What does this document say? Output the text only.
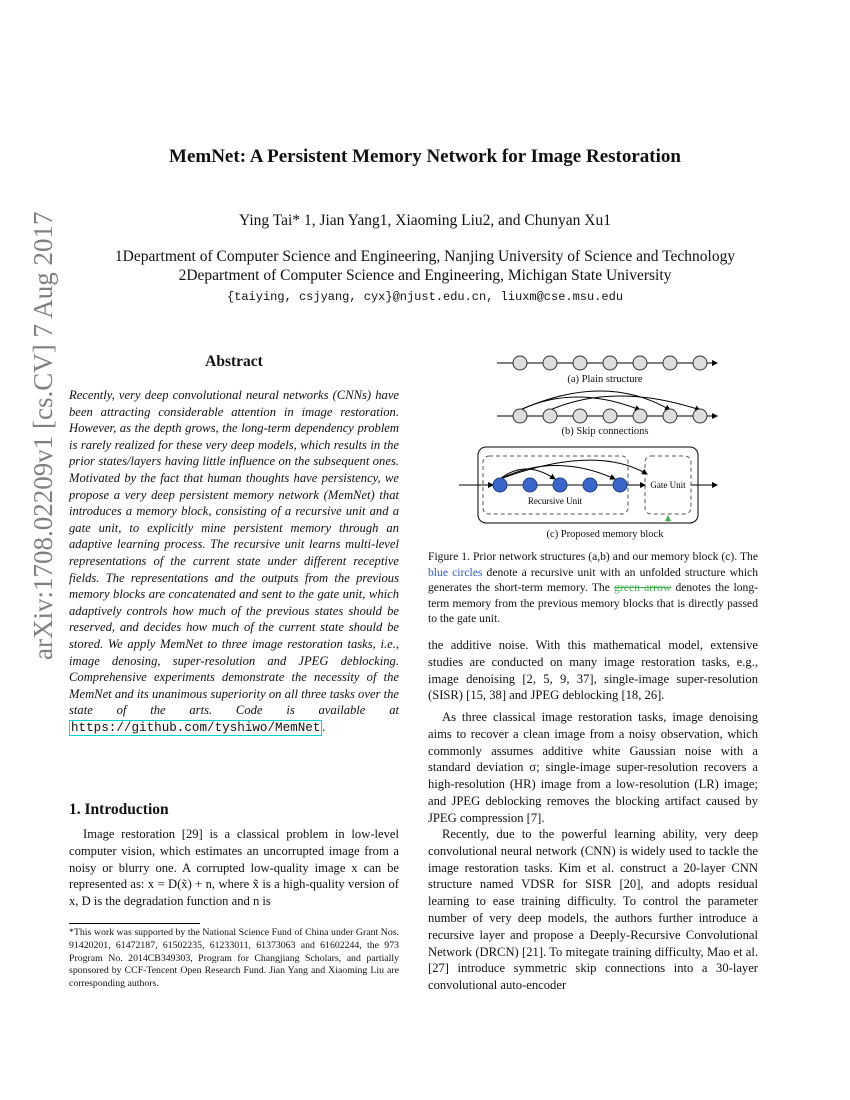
MemNet: A Persistent Memory Network for Image Restoration
Ying Tai* 1, Jian Yang1, Xiaoming Liu2, and Chunyan Xu1
1Department of Computer Science and Engineering, Nanjing University of Science and Technology
2Department of Computer Science and Engineering, Michigan State University
{taiying, csjyang, cyx}@njust.edu.cn, liuxm@cse.msu.edu
arXiv:1708.02209v1 [cs.CV] 7 Aug 2017	Abstract
Recently, very deep convolutional neural networks (CNNs) have been attracting considerable attention in image restoration. However, as the depth grows, the long-term dependency problem is rarely realized for these very deep models, which results in the prior states/layers having little influence on the subsequent ones. Motivated by the fact that human thoughts have persistency, we propose a very deep persistent memory network (MemNet) that introduces a memory block, consisting of a recursive unit and a gate unit, to explicitly mine persistent memory through an adaptive learning process. The recursive unit learns multi-level representations of the current state under different receptive fields. The representations and the outputs from the previous memory blocks are concatenated and sent to the gate unit, which adaptively controls how much of the previous states should be reserved, and decides how much of the current state should be stored. We apply MemNet to three image restoration tasks, i.e., image denosing, super-resolution and JPEG deblocking. Comprehensive experiments demonstrate the necessity of the MemNet and its unanimous superiority on all three tasks over the state of the arts. Code is available at https://github.com/tyshiwo/MemNet .
1. Introduction
Image restoration [29] is a classical problem in low-level computer vision, which estimates an uncorrupted image from a noisy or blurry one. A corrupted low-quality image x can be represented as: x = D(x̃) + n, where x̃ is a high-quality version of x, D is the degradation function and n is
*This work was supported by the National Science Fund of China under Grant Nos. 91420201, 61472187, 61502235, 61233011, 61373063 and 61602244, the 973 Program No. 2014CB349303, Program for Changjiang Scholars, and partially sponsored by CCF-Tencent Open Research Fund. Jian Yang and Xiaoming Liu are corresponding authors.
Recursive Unit
Gate Unit
(a) Plain structure
(b) Skip connections
(c) Proposed memory block
Figure 1. Prior network structures (a,b) and our memory block (c). The blue circles denote a recursive unit with an unfolded structure which generates the short-term memory. The green arrow denotes the long-term memory from the previous memory blocks that is directly passed to the gate unit.
the additive noise. With this mathematical model, extensive studies are conducted on many image restoration tasks, e.g., image denoising [2, 5, 9, 37], single-image super-resolution (SISR) [15, 38] and JPEG deblocking [18, 26].
As three classical image restoration tasks, image denoising aims to recover a clean image from a noisy observation, which commonly assumes additive white Gaussian noise with a standard deviation σ; single-image super-resolution recovers a high-resolution (HR) image from a low-resolution (LR) image; and JPEG deblocking removes the blocking artifact caused by JPEG compression [7].
Recently, due to the powerful learning ability, very deep convolutional neural network (CNN) is widely used to tackle the image restoration tasks. Kim et al. construct a 20-layer CNN structure named VDSR for SISR [20], and adopts residual learning to ease training difficulty. To control the parameter number of very deep models, the authors further introduce a recursive layer and propose a Deeply-Recursive Convolutional Network (DRCN) [21]. To mitegate training difficulty, Mao et al. [27] introduce symmetric skip connections into a 30-layer convolutional auto-encoder
